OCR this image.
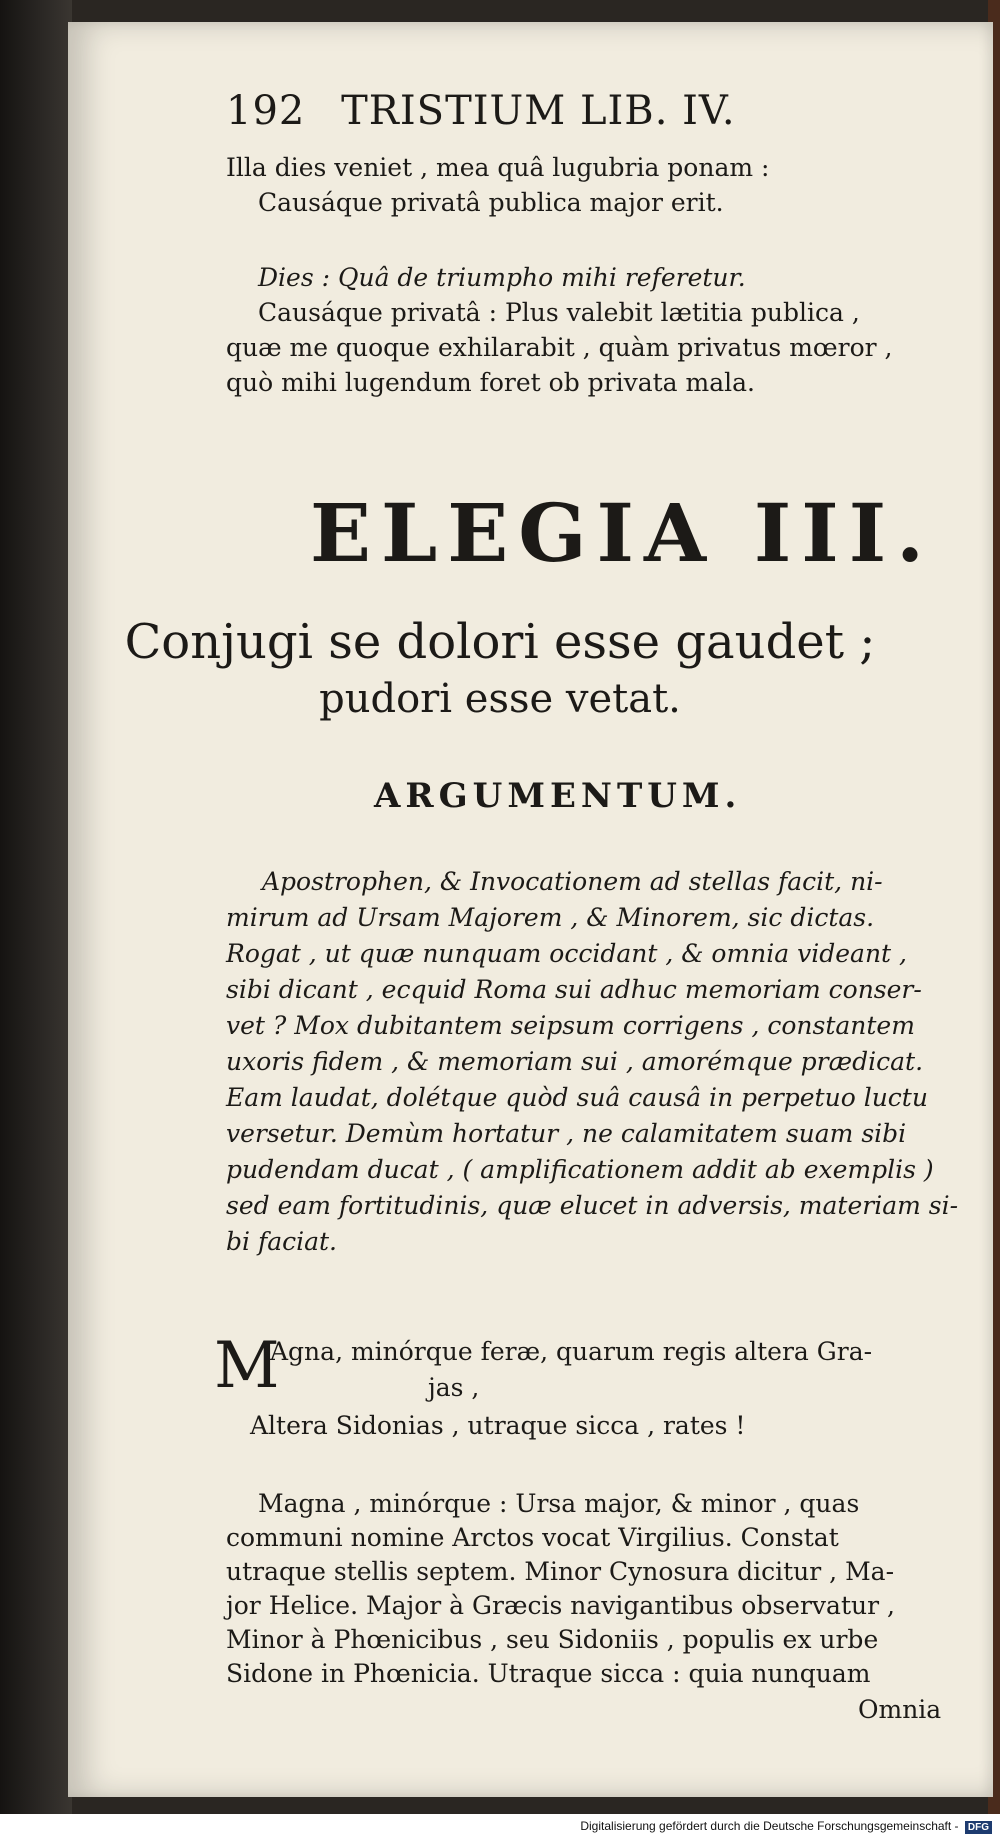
192 TRISTIUM LIB. IV.
Illa dies veniet , mea quâ lugubria ponam :
Causáque privatâ publica major erit.
Dies : Quâ de triumpho mihi referetur.
Causáque privatâ : Plus valebit lætitia publica ,
quæ me quoque exhilarabit , quàm privatus mœror ,
quò mihi lugendum foret ob privata mala.
ELEGIA III.
Conjugi se dolori esse gaudet ;
pudori esse vetat.
ARGUMENTUM.
Apostrophen, & Invocationem ad stellas facit, ni-
mirum ad Ursam Majorem , & Minorem, sic dictas.
Rogat , ut quæ nunquam occidant , & omnia videant ,
sibi dicant , ecquid Roma sui adhuc memoriam conser-
vet ? Mox dubitantem seipsum corrigens , constantem
uxoris fidem , & memoriam sui , amorémque prædicat.
Eam laudat, dolétque quòd suâ causâ in perpetuo luctu
versetur. Demùm hortatur , ne calamitatem suam sibi
pudendam ducat , ( amplificationem addit ab exemplis )
sed eam fortitudinis, quæ elucet in adversis, materiam si-
bi faciat.
M
Agna, minórque feræ, quarum regis altera Gra-
jas ,
Altera Sidonias , utraque sicca , rates !
Magna , minórque : Ursa major, & minor , quas
communi nomine Arctos vocat Virgilius. Constat
utraque stellis septem. Minor Cynosura dicitur , Ma-
jor Helice. Major à Græcis navigantibus observatur ,
Minor à Phœnicibus , seu Sidoniis , populis ex urbe
Sidone in Phœnicia. Utraque sicca : quia nunquam
Omnia
Digitalisierung gefördert durch die Deutsche Forschungsgemeinschaft - DFG
